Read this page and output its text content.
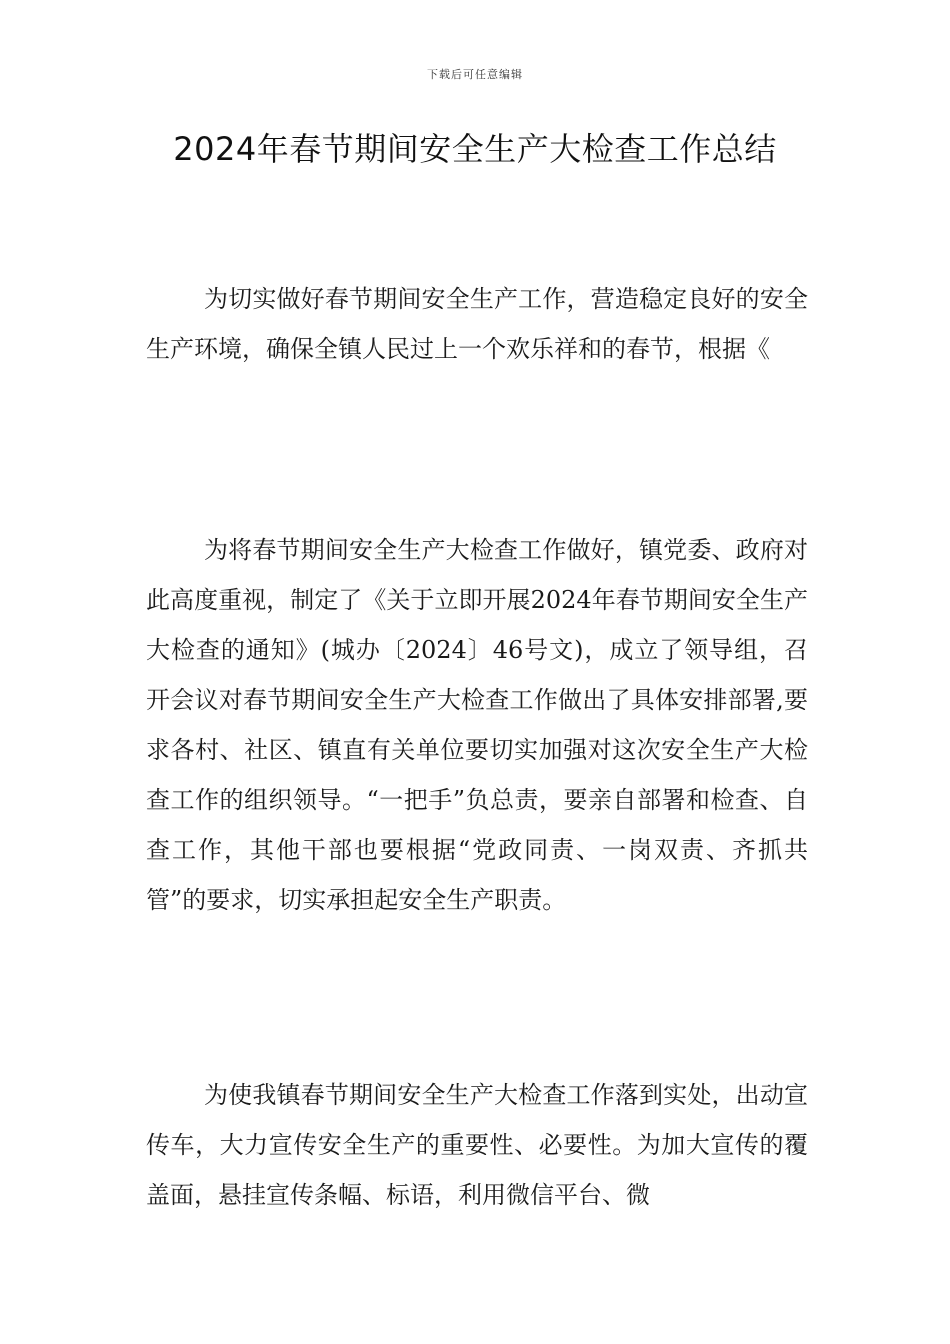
下载后可任意编辑
2024年春节期间安全生产大检查工作总结

为切实做好春节期间安全生产工作，营造稳定良好的安全生产环境，确保全镇人民过上一个欢乐祥和的春节，根据《

为将春节期间安全生产大检查工作做好，镇党委、政府对此高度重视，制定了《关于立即开展2024年春节期间安全生产大检查的通知》(城办〔2024〕46号文)，成立了领导组，召开会议对春节期间安全生产大检查工作做出了具体安排部署,要求各村、社区、镇直有关单位要切实加强对这次安全生产大检查工作的组织领导。“一把手”负总责，要亲自部署和检查、自查工作，其他干部也要根据“党政同责、一岗双责、齐抓共管”的要求，切实承担起安全生产职责。

为使我镇春节期间安全生产大检查工作落到实处，出动宣传车，大力宣传安全生产的重要性、必要性。为加大宣传的覆盖面，悬挂宣传条幅、标语，利用微信平台、微
